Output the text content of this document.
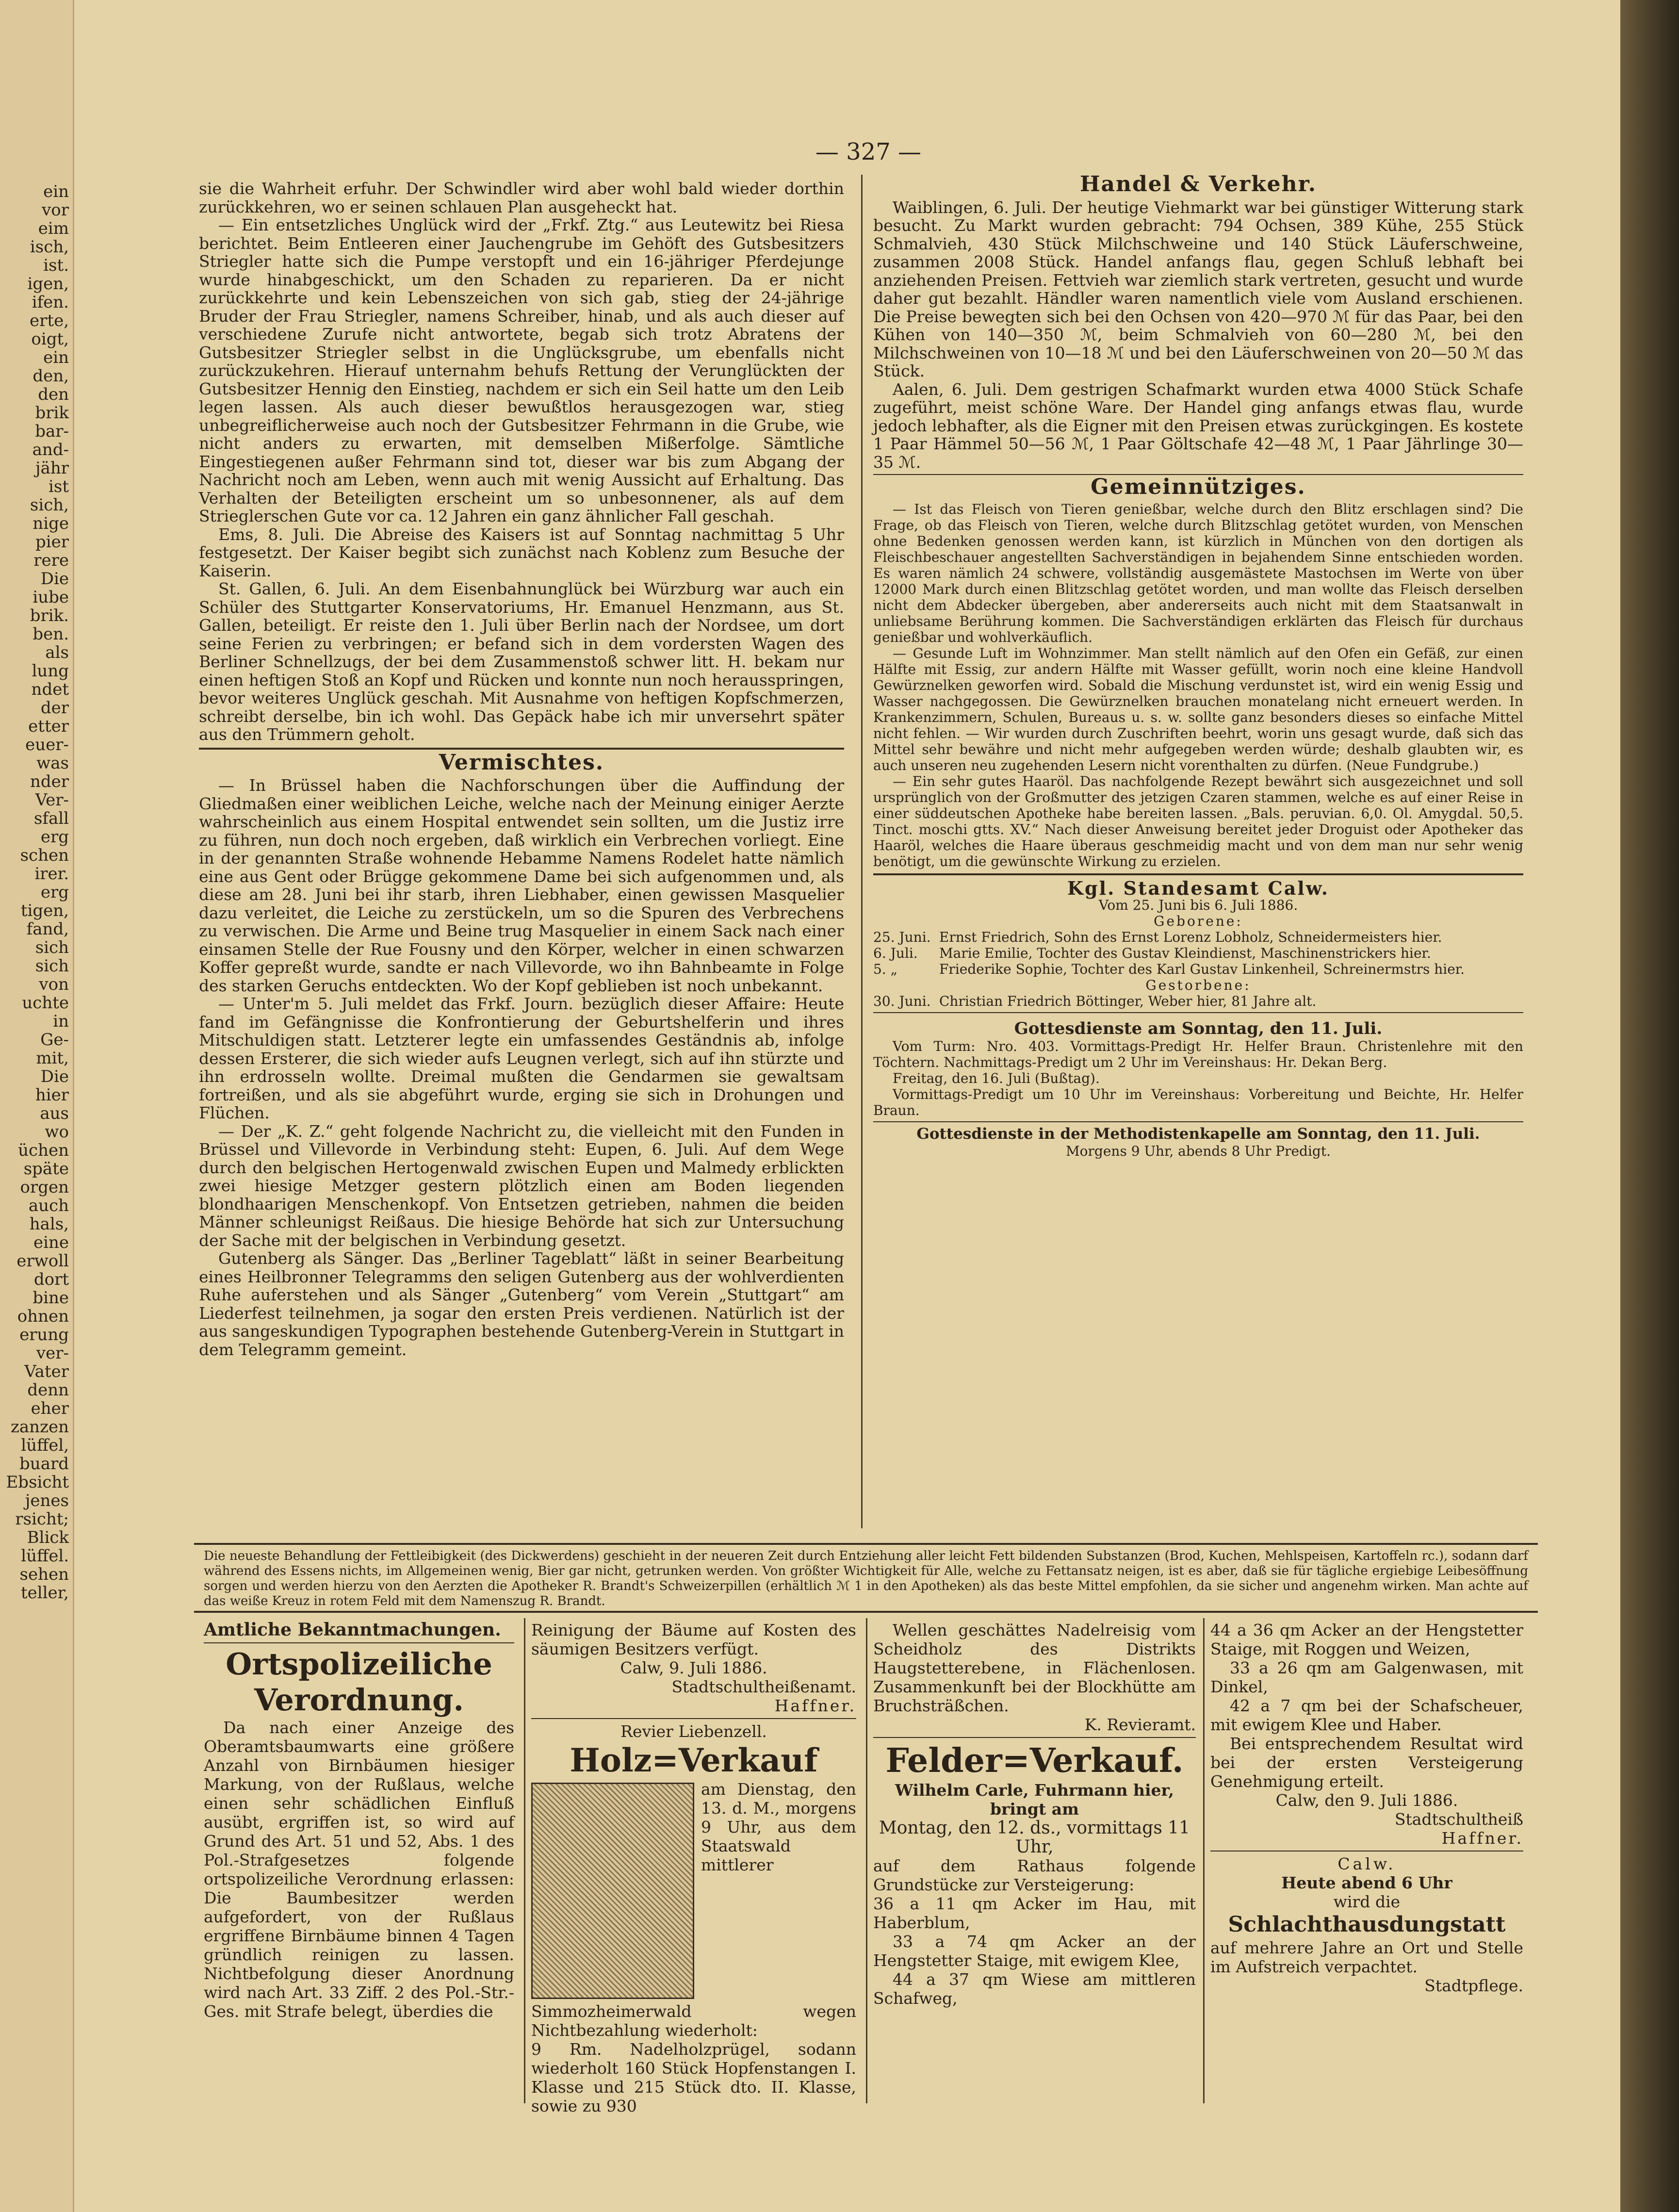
ein
vor
eim
isch,
ist.
igen,
ifen.
erte,
oigt,
ein
den,
den
brik
bar-
and-
jähr
ist
sich,
nige
pier
rere
Die
iube
brik.
ben.
als
lung
ndet
der
etter
euer-
was
nder
Ver-
sfall
erg
schen
irer.
erg
tigen,
fand,
sich
sich
von
uchte
in
Ge-
mit,
Die
hier
aus
wo
üchen
späte
orgen
auch
hals,
eine
erwoll
dort
bine
ohnen
erung
ver-
Vater
denn
eher
zanzen
lüffel,
buard
Ebsicht
jenes
rsicht;
Blick
lüffel.
sehen
teller,
— 327 —

sie die Wahrheit erfuhr. Der Schwindler wird aber wohl bald wieder dorthin zurückkehren, wo er seinen schlauen Plan ausgeheckt hat.

— Ein entsetzliches Unglück wird der „Frkf. Ztg.“ aus Leutewitz bei Riesa berichtet. Beim Entleeren einer Jauchengrube im Gehöft des Gutsbesitzers Striegler hatte sich die Pumpe verstopft und ein 16-jähriger Pferdejunge wurde hinabgeschickt, um den Schaden zu reparieren. Da er nicht zurückkehrte und kein Lebenszeichen von sich gab, stieg der 24-jährige Bruder der Frau Striegler, namens Schreiber, hinab, und als auch dieser auf verschiedene Zurufe nicht antwortete, begab sich trotz Abratens der Gutsbesitzer Striegler selbst in die Unglücksgrube, um ebenfalls nicht zurückzukehren. Hierauf unternahm behufs Rettung der Verunglückten der Gutsbesitzer Hennig den Einstieg, nachdem er sich ein Seil hatte um den Leib legen lassen. Als auch dieser bewußtlos herausgezogen war, stieg unbegreiflicherweise auch noch der Gutsbesitzer Fehrmann in die Grube, wie nicht anders zu erwarten, mit demselben Mißerfolge. Sämtliche Eingestiegenen außer Fehrmann sind tot, dieser war bis zum Abgang der Nachricht noch am Leben, wenn auch mit wenig Aussicht auf Erhaltung. Das Verhalten der Beteiligten erscheint um so unbesonnener, als auf dem Strieglerschen Gute vor ca. 12 Jahren ein ganz ähnlicher Fall geschah.

Ems, 8. Juli. Die Abreise des Kaisers ist auf Sonntag nachmittag 5 Uhr festgesetzt. Der Kaiser begibt sich zunächst nach Koblenz zum Besuche der Kaiserin.

St. Gallen, 6. Juli. An dem Eisenbahnunglück bei Würzburg war auch ein Schüler des Stuttgarter Konservatoriums, Hr. Emanuel Henzmann, aus St. Gallen, beteiligt. Er reiste den 1. Juli über Berlin nach der Nordsee, um dort seine Ferien zu verbringen; er befand sich in dem vordersten Wagen des Berliner Schnellzugs, der bei dem Zusammenstoß schwer litt. H. bekam nur einen heftigen Stoß an Kopf und Rücken und konnte nun noch herausspringen, bevor weiteres Unglück geschah. Mit Ausnahme von heftigen Kopfschmerzen, schreibt derselbe, bin ich wohl. Das Gepäck habe ich mir unversehrt später aus den Trümmern geholt.

Vermischtes.

— In Brüssel haben die Nachforschungen über die Auffindung der Gliedmaßen einer weiblichen Leiche, welche nach der Meinung einiger Aerzte wahrscheinlich aus einem Hospital entwendet sein sollten, um die Justiz irre zu führen, nun doch noch ergeben, daß wirklich ein Verbrechen vorliegt. Eine in der genannten Straße wohnende Hebamme Namens Rodelet hatte nämlich eine aus Gent oder Brügge gekommene Dame bei sich aufgenommen und, als diese am 28. Juni bei ihr starb, ihren Liebhaber, einen gewissen Masquelier dazu verleitet, die Leiche zu zerstückeln, um so die Spuren des Verbrechens zu verwischen. Die Arme und Beine trug Masquelier in einem Sack nach einer einsamen Stelle der Rue Fousny und den Körper, welcher in einen schwarzen Koffer gepreßt wurde, sandte er nach Villevorde, wo ihn Bahnbeamte in Folge des starken Geruchs entdeckten. Wo der Kopf geblieben ist noch unbekannt.

— Unter'm 5. Juli meldet das Frkf. Journ. bezüglich dieser Affaire: Heute fand im Gefängnisse die Konfrontierung der Geburtshelferin und ihres Mitschuldigen statt. Letzterer legte ein umfassendes Geständnis ab, infolge dessen Ersterer, die sich wieder aufs Leugnen verlegt, sich auf ihn stürzte und ihn erdrosseln wollte. Dreimal mußten die Gendarmen sie gewaltsam fortreißen, und als sie abgeführt wurde, erging sie sich in Drohungen und Flüchen.

— Der „K. Z.“ geht folgende Nachricht zu, die vielleicht mit den Funden in Brüssel und Villevorde in Verbindung steht: Eupen, 6. Juli. Auf dem Wege durch den belgischen Hertogenwald zwischen Eupen und Malmedy erblickten zwei hiesige Metzger gestern plötzlich einen am Boden liegenden blondhaarigen Menschenkopf. Von Entsetzen getrieben, nahmen die beiden Männer schleunigst Reißaus. Die hiesige Behörde hat sich zur Untersuchung der Sache mit der belgischen in Verbindung gesetzt.

Gutenberg als Sänger. Das „Berliner Tageblatt“ läßt in seiner Bearbeitung eines Heilbronner Telegramms den seligen Gutenberg aus der wohlverdienten Ruhe auferstehen und als Sänger „Gutenberg“ vom Verein „Stuttgart“ am Liederfest teilnehmen, ja sogar den ersten Preis verdienen. Natürlich ist der aus sangeskundigen Typographen bestehende Gutenberg-Verein in Stuttgart in dem Telegramm gemeint.

Handel & Verkehr.

Waiblingen, 6. Juli. Der heutige Viehmarkt war bei günstiger Witterung stark besucht. Zu Markt wurden gebracht: 794 Ochsen, 389 Kühe, 255 Stück Schmalvieh, 430 Stück Milchschweine und 140 Stück Läuferschweine, zusammen 2008 Stück. Handel anfangs flau, gegen Schluß lebhaft bei anziehenden Preisen. Fettvieh war ziemlich stark vertreten, gesucht und wurde daher gut bezahlt. Händler waren namentlich viele vom Ausland erschienen. Die Preise bewegten sich bei den Ochsen von 420—970 ℳ für das Paar, bei den Kühen von 140—350 ℳ, beim Schmalvieh von 60—280 ℳ, bei den Milchschweinen von 10—18 ℳ und bei den Läuferschweinen von 20—50 ℳ das Stück.

Aalen, 6. Juli. Dem gestrigen Schafmarkt wurden etwa 4000 Stück Schafe zugeführt, meist schöne Ware. Der Handel ging anfangs etwas flau, wurde jedoch lebhafter, als die Eigner mit den Preisen etwas zurückgingen. Es kostete 1 Paar Hämmel 50—56 ℳ, 1 Paar Göltschafe 42—48 ℳ, 1 Paar Jährlinge 30—35 ℳ.

Gemeinnütziges.

— Ist das Fleisch von Tieren genießbar, welche durch den Blitz erschlagen sind? Die Frage, ob das Fleisch von Tieren, welche durch Blitzschlag getötet wurden, von Menschen ohne Bedenken genossen werden kann, ist kürzlich in München von den dortigen als Fleischbeschauer angestellten Sachverständigen in bejahendem Sinne entschieden worden. Es waren nämlich 24 schwere, vollständig ausgemästete Mastochsen im Werte von über 12000 Mark durch einen Blitzschlag getötet worden, und man wollte das Fleisch derselben nicht dem Abdecker übergeben, aber andererseits auch nicht mit dem Staatsanwalt in unliebsame Berührung kommen. Die Sachverständigen erklärten das Fleisch für durchaus genießbar und wohlverkäuflich.

— Gesunde Luft im Wohnzimmer. Man stellt nämlich auf den Ofen ein Gefäß, zur einen Hälfte mit Essig, zur andern Hälfte mit Wasser gefüllt, worin noch eine kleine Handvoll Gewürznelken geworfen wird. Sobald die Mischung verdunstet ist, wird ein wenig Essig und Wasser nachgegossen. Die Gewürznelken brauchen monatelang nicht erneuert werden. In Krankenzimmern, Schulen, Bureaus u. s. w. sollte ganz besonders dieses so einfache Mittel nicht fehlen. — Wir wurden durch Zuschriften beehrt, worin uns gesagt wurde, daß sich das Mittel sehr bewähre und nicht mehr aufgegeben werden würde; deshalb glaubten wir, es auch unseren neu zugehenden Lesern nicht vorenthalten zu dürfen. (Neue Fundgrube.)

— Ein sehr gutes Haaröl. Das nachfolgende Rezept bewährt sich ausgezeichnet und soll ursprünglich von der Großmutter des jetzigen Czaren stammen, welche es auf einer Reise in einer süddeutschen Apotheke habe bereiten lassen. „Bals. peruvian. 6,0. Ol. Amygdal. 50,5. Tinct. moschi gtts. XV.“ Nach dieser Anweisung bereitet jeder Droguist oder Apotheker das Haaröl, welches die Haare überaus geschmeidig macht und von dem man nur sehr wenig benötigt, um die gewünschte Wirkung zu erzielen.

Kgl. Standesamt Calw.
Vom 25. Juni bis 6. Juli 1886.
Geborene:
25. Juni. Ernst Friedrich, Sohn des Ernst Lorenz Lobholz, Schneidermeisters hier.
6. Juli.	Marie Emilie, Tochter des Gustav Kleindienst, Maschinenstrickers hier.
5. „	Friederike Sophie, Tochter des Karl Gustav Linkenheil, Schreinermstrs hier.
Gestorbene:
30. Juni. Christian Friedrich Böttinger, Weber hier, 81 Jahre alt.
Gottesdienste am Sonntag, den 11. Juli.

Vom Turm: Nro. 403. Vormittags-Predigt Hr. Helfer Braun. Christenlehre mit den Töchtern. Nachmittags-Predigt um 2 Uhr im Vereinshaus: Hr. Dekan Berg.

Freitag, den 16. Juli (Bußtag).

Vormittags-Predigt um 10 Uhr im Vereinshaus: Vorbereitung und Beichte, Hr. Helfer Braun.

Gottesdienste in der Methodistenkapelle am Sonntag, den 11. Juli.
Morgens 9 Uhr, abends 8 Uhr Predigt.
Die neueste Behandlung der Fettleibigkeit (des Dickwerdens) geschieht in der neueren Zeit durch Entziehung aller leicht Fett bildenden Substanzen (Brod, Kuchen, Mehlspeisen, Kartoffeln rc.), sodann darf während des Essens nichts, im Allgemeinen wenig, Bier gar nicht, getrunken werden. Von größter Wichtigkeit für Alle, welche zu Fettansatz neigen, ist es aber, daß sie für tägliche ergiebige Leibesöffnung sorgen und werden hierzu von den Aerzten die Apotheker R. Brandt's Schweizerpillen (erhältlich ℳ 1 in den Apotheken) als das beste Mittel empfohlen, da sie sicher und angenehm wirken. Man achte auf das weiße Kreuz in rotem Feld mit dem Namenszug R. Brandt.
Amtliche Bekanntmachungen.
Ortspolizeiliche Verordnung.

Da nach einer Anzeige des Oberamtsbaumwarts eine größere Anzahl von Birnbäumen hiesiger Markung, von der Rußlaus, welche einen sehr schädlichen Einfluß ausübt, ergriffen ist, so wird auf Grund des Art. 51 und 52, Abs. 1 des Pol.-Strafgesetzes folgende ortspolizeiliche Verordnung erlassen: Die Baumbesitzer werden aufgefordert, von der Rußlaus ergriffene Birnbäume binnen 4 Tagen gründlich reinigen zu lassen. Nichtbefolgung dieser Anordnung wird nach Art. 33 Ziff. 2 des Pol.-Str.-Ges. mit Strafe belegt, überdies die

Reinigung der Bäume auf Kosten des säumigen Besitzers verfügt.

Calw, 9. Juli 1886.
Stadtschultheißenamt.
Haffner.
Revier Liebenzell.
Holz=Verkauf

am Dienstag, den 13. d. M., morgens 9 Uhr, aus dem Staatswald mittlerer Simmozheimerwald wegen Nichtbezahlung wiederholt:

9 Rm. Nadelholzprügel, sodann wiederholt 160 Stück Hopfenstangen I. Klasse und 215 Stück dto. II. Klasse, sowie zu 930

Wellen geschättes Nadelreisig vom Scheidholz des Distrikts Haugstetterebene, in Flächenlosen. Zusammenkunft bei der Blockhütte am Bruchsträßchen.

K. Revieramt.
Felder=Verkauf.
Wilhelm Carle, Fuhrmann hier, bringt am
Montag, den 12. ds., vormittags 11 Uhr,

auf dem Rathaus folgende Grundstücke zur Versteigerung:

36 a 11 qm Acker im Hau, mit Haberblum,

33 a 74 qm Acker an der Hengstetter Staige, mit ewigem Klee,

44 a 37 qm Wiese am mittleren Schafweg,

44 a 36 qm Acker an der Hengstetter Staige, mit Roggen und Weizen,

33 a 26 qm am Galgenwasen, mit Dinkel,

42 a 7 qm bei der Schafscheuer, mit ewigem Klee und Haber.

Bei entsprechendem Resultat wird bei der ersten Versteigerung Genehmigung erteilt.

Calw, den 9. Juli 1886.
Stadtschultheiß
Haffner.
Calw.
Heute abend 6 Uhr
wird die
Schlachthausdungstatt

auf mehrere Jahre an Ort und Stelle im Aufstreich verpachtet.

Stadtpflege.
